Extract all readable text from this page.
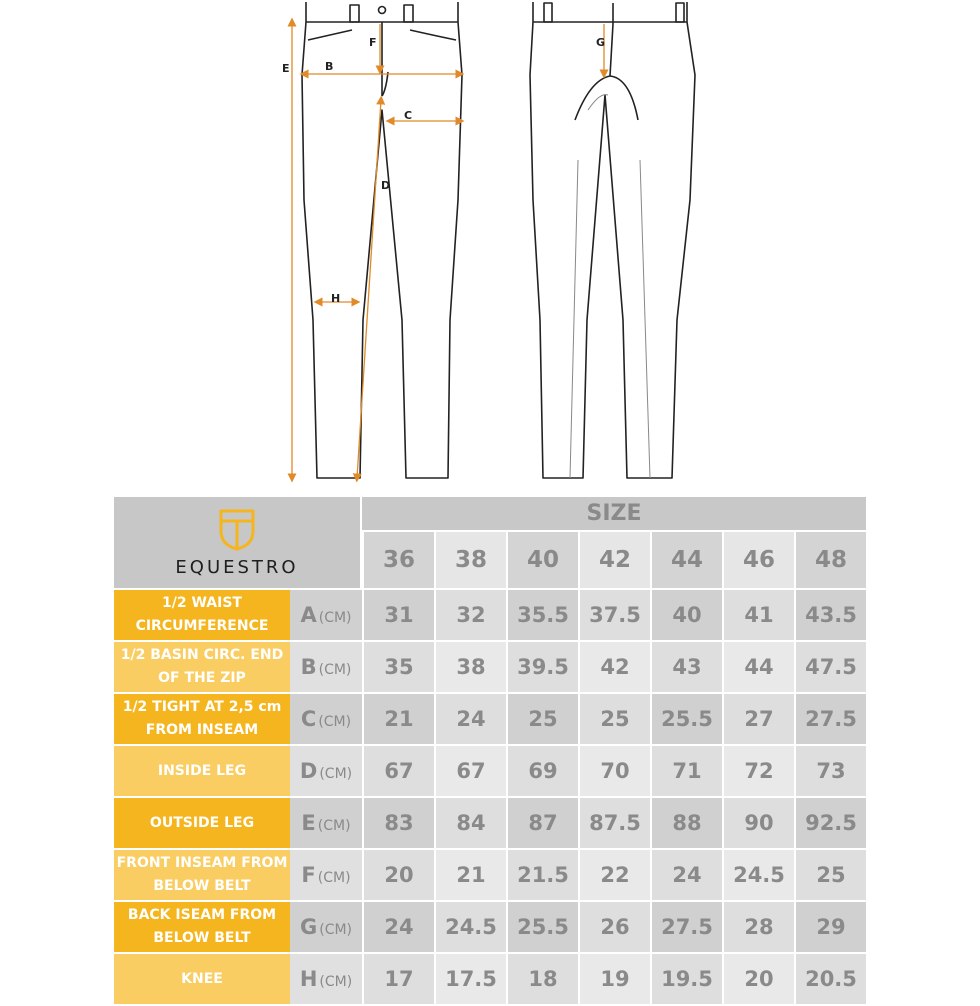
E	B
F
C
D
H
G
EQUESTRO		SIZE						
		36	38	40	42	44	46	48
1/2 WAIST CIRCUMFERENCE	A (CM)	31	32	35.5	37.5	40	41	43.5
1/2 BASIN CIRC. END OF THE ZIP	B (CM)	35	38	39.5	42	43	44	47.5
1/2 TIGHT AT 2,5 cm FROM INSEAM	C (CM)	21	24	25	25	25.5	27	27.5
INSIDE LEG	D (CM)	67	67	69	70	71	72	73
OUTSIDE LEG	E (CM)	83	84	87	87.5	88	90	92.5
FRONT INSEAM FROM BELOW BELT	F (CM)	20	21	21.5	22	24	24.5	25
BACK ISEAM FROM BELOW BELT	G (CM)	24	24.5	25.5	26	27.5	28	29
KNEE	H (CM)	17	17.5	18	19	19.5	20	20.5
